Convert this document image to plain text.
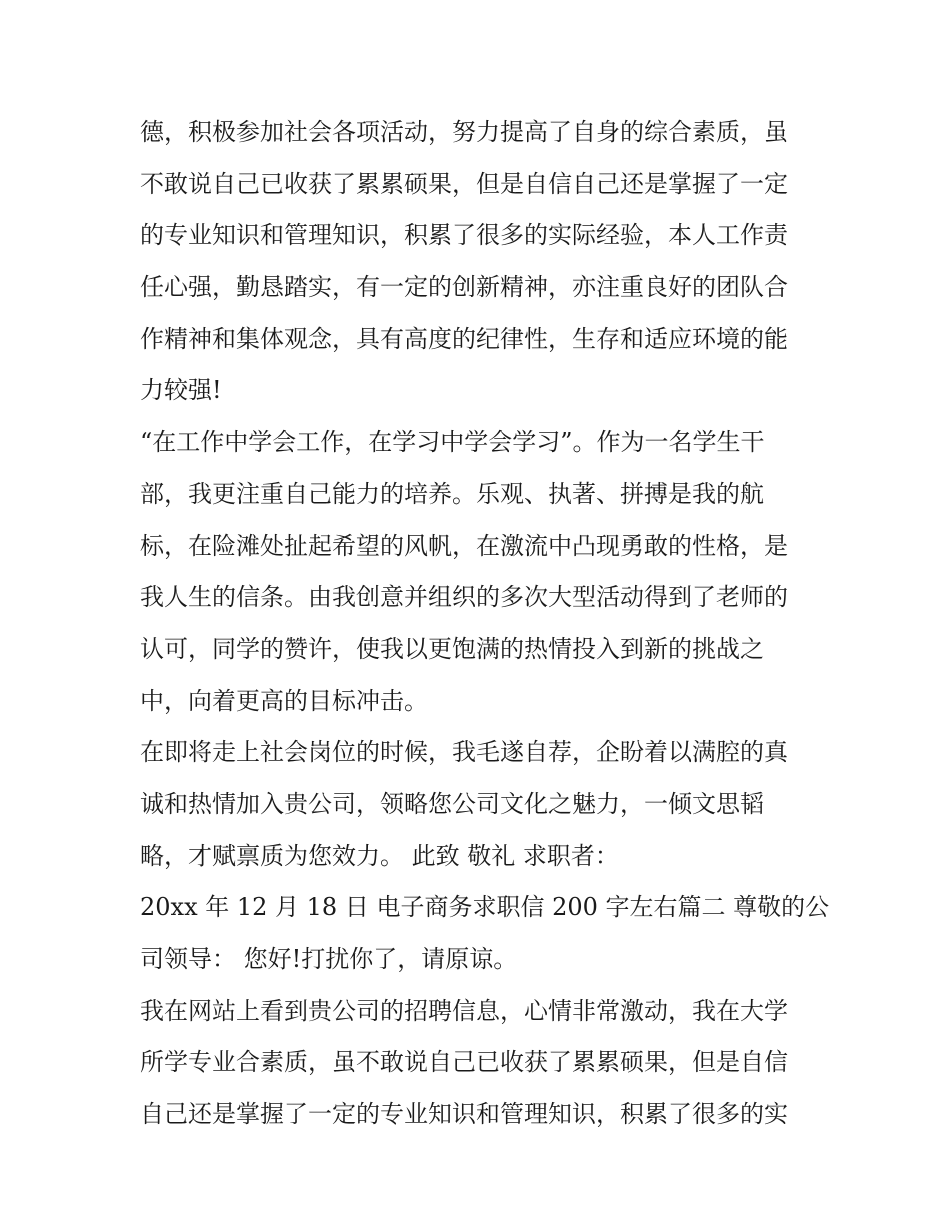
德，积极参加社会各项活动，努力提高了自身的综合素质，虽
不敢说自己已收获了累累硕果，但是自信自己还是掌握了一定
的专业知识和管理知识，积累了很多的实际经验，本人工作责
任心强，勤恳踏实，有一定的创新精神，亦注重良好的团队合
作精神和集体观念，具有高度的纪律性，生存和适应环境的能
力较强!
“在工作中学会工作，在学习中学会学习”。作为一名学生干
部，我更注重自己能力的培养。乐观、执著、拼搏是我的航
标，在险滩处扯起希望的风帆，在激流中凸现勇敢的性格，是
我人生的信条。由我创意并组织的多次大型活动得到了老师的
认可，同学的赞许，使我以更饱满的热情投入到新的挑战之
中，向着更高的目标冲击。
在即将走上社会岗位的时候，我毛遂自荐，企盼着以满腔的真
诚和热情加入贵公司，领略您公司文化之魅力，一倾文思韬
略，才赋禀质为您效力。 此致 敬礼 求职者：
20xx 年 12 月 18 日 电子商务求职信 200 字左右篇二 尊敬的公
司领导： 您好!打扰你了，请原谅。
我在网站上看到贵公司的招聘信息，心情非常激动，我在大学
所学专业合素质，虽不敢说自己已收获了累累硕果，但是自信
自己还是掌握了一定的专业知识和管理知识，积累了很多的实
